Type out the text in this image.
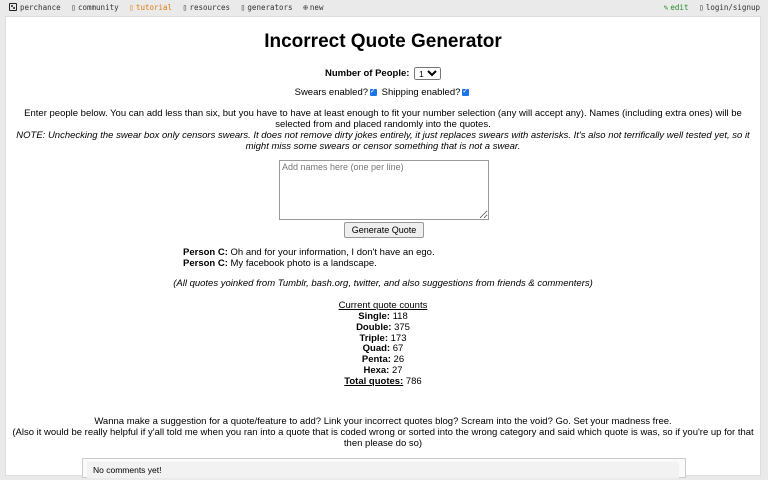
perchance ▯ community ▯ tutorial ▯ resources ▯ generators ⊕ new	✎ edit ▯ login/signup
Incorrect Quote Generator
Number of People:
1
Swears enabled?✓ Shipping enabled?✓
Enter people below. You can add less than six, but you have to have at least enough to fit your number selection (any will accept any). Names (including extra ones) will be
selected from and placed randomly into the quotes.
NOTE: Unchecking the swear box only censors swears. It does not remove dirty jokes entirely, it just replaces swears with asterisks. It's also not terrifically well tested yet, so it
might miss some swears or censor something that is not a swear.
Add names here (one per line)
Generate Quote
Person C: Oh and for your information, I don't have an ego.
Person C: My facebook photo is a landscape.
(All quotes yoinked from Tumblr, bash.org, twitter, and also suggestions from friends & commenters)
Current quote counts
Single: 118
Double: 375
Triple: 173
Quad: 67
Penta: 26
Hexa: 27
Total quotes: 786
Wanna make a suggestion for a quote/feature to add? Link your incorrect quotes blog? Scream into the void? Go. Set your madness free.
(Also it would be really helpful if y'all told me when you ran into a quote that is coded wrong or sorted into the wrong category and said which quote is was, so if you're up for that
then please do so)
No comments yet!
